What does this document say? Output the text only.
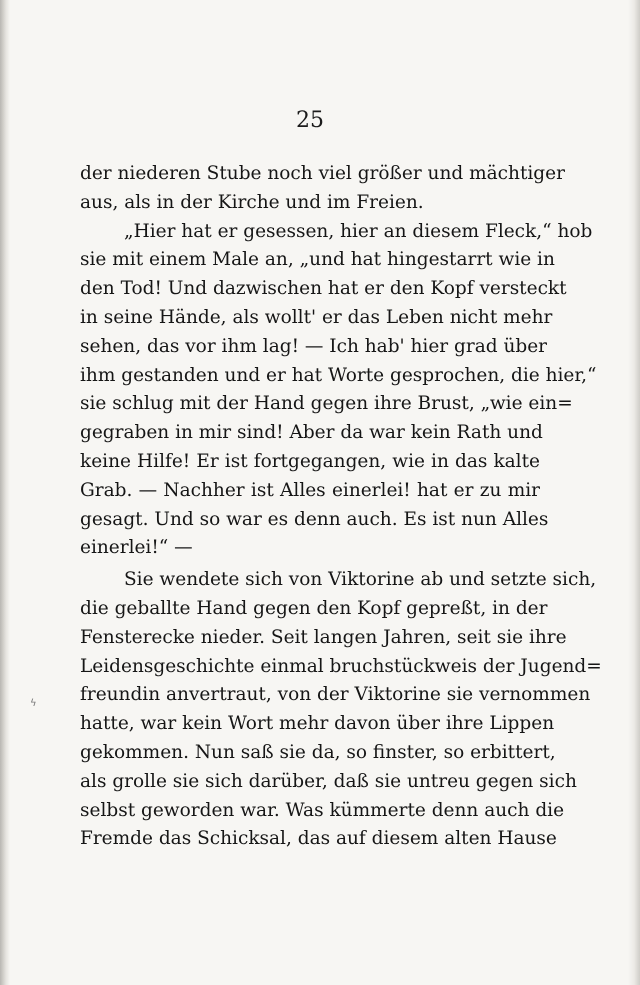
25
der niederen Stube noch viel größer und mächtiger
aus, als in der Kirche und im Freien.
„Hier hat er gesessen, hier an diesem Fleck,“ hob
sie mit einem Male an, „und hat hingestarrt wie in
den Tod! Und dazwischen hat er den Kopf versteckt
in seine Hände, als wollt' er das Leben nicht mehr
sehen, das vor ihm lag! — Ich hab' hier grad über
ihm gestanden und er hat Worte gesprochen, die hier,“
sie schlug mit der Hand gegen ihre Brust, „wie ein=
gegraben in mir sind! Aber da war kein Rath und
keine Hilfe! Er ist fortgegangen, wie in das kalte
Grab. — Nachher ist Alles einerlei! hat er zu mir
gesagt. Und so war es denn auch. Es ist nun Alles
einerlei!“ —
Sie wendete sich von Viktorine ab und setzte sich,
die geballte Hand gegen den Kopf gepreßt, in der
Fensterecke nieder. Seit langen Jahren, seit sie ihre
Leidensgeschichte einmal bruchstückweis der Jugend=
freundin anvertraut, von der Viktorine sie vernommen
hatte, war kein Wort mehr davon über ihre Lippen
gekommen. Nun saß sie da, so finster, so erbittert,
als grolle sie sich darüber, daß sie untreu gegen sich
selbst geworden war. Was kümmerte denn auch die
Fremde das Schicksal, das auf diesem alten Hause
ϟ
